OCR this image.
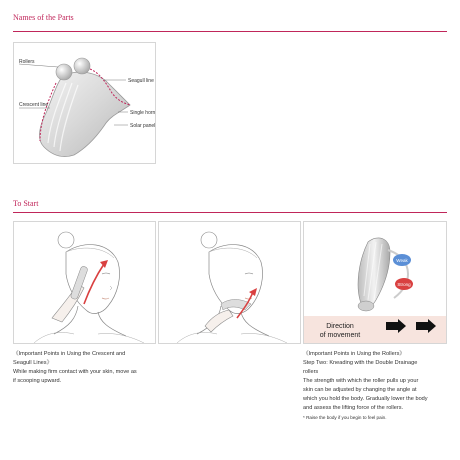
Names of the Parts
Rollers
Seagull line
Crescent line
Single horn
Solar panel
To Start
Weak
Strong
Direction
of movement
《Important Points in Using the Crescent and
Seagull Lines》
While making firm contact with your skin, move as
if scooping upward.
《Important Points in Using the Rollers》
Step Two: Kneading with the Double Drainage
rollers
The strength with which the roller pulls up your
skin can be adjusted by changing the angle at
which you hold the body. Gradually lower the body
and assess the lifting force of the rollers.
* Raise the body if you begin to feel pain.
